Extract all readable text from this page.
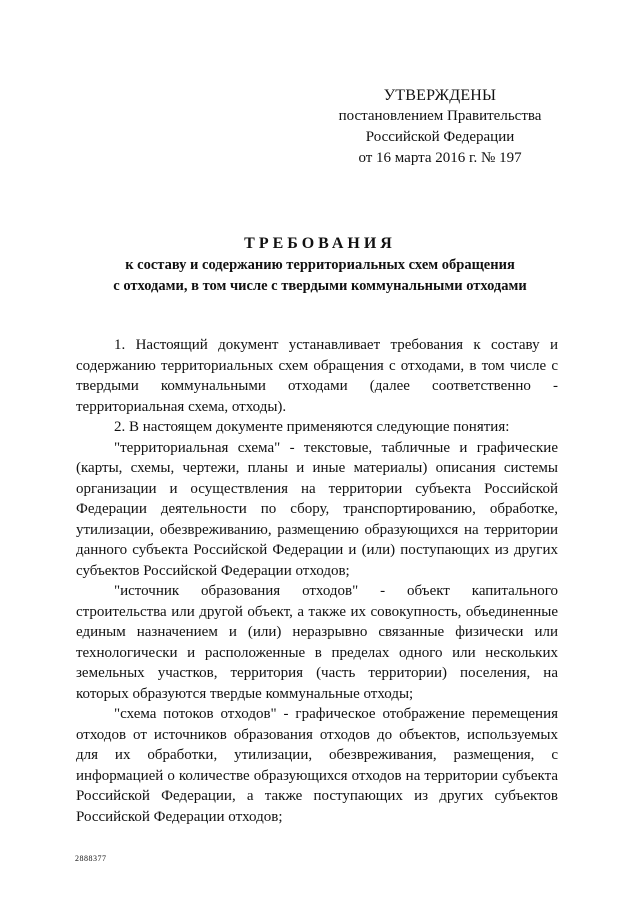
УТВЕРЖДЕНЫ
постановлением Правительства
Российской Федерации
от 16 марта 2016 г. № 197
ТРЕБОВАНИЯ
к составу и содержанию территориальных схем обращения
с отходами, в том числе с твердыми коммунальными отходами

1. Настоящий документ устанавливает требования к составу и содержанию территориальных схем обращения с отходами, в том числе с твердыми коммунальными отходами (далее соответственно - территориальная схема, отходы).

2. В настоящем документе применяются следующие понятия:

"территориальная схема" - текстовые, табличные и графические (карты, схемы, чертежи, планы и иные материалы) описания системы организации и осуществления на территории субъекта Российской Федерации деятельности по сбору, транспортированию, обработке, утилизации, обезвреживанию, размещению образующихся на территории данного субъекта Российской Федерации и (или) поступающих из других субъектов Российской Федерации отходов;

"источник образования отходов" - объект капитального строительства или другой объект, а также их совокупность, объединенные единым назначением и (или) неразрывно связанные физически или технологически и расположенные в пределах одного или нескольких земельных участков, территория (часть территории) поселения, на которых образуются твердые коммунальные отходы;

"схема потоков отходов" - графическое отображение перемещения отходов от источников образования отходов до объектов, используемых для их обработки, утилизации, обезвреживания, размещения, с информацией о количестве образующихся отходов на территории субъекта Российской Федерации, а также поступающих из других субъектов Российской Федерации отходов;

2888377
